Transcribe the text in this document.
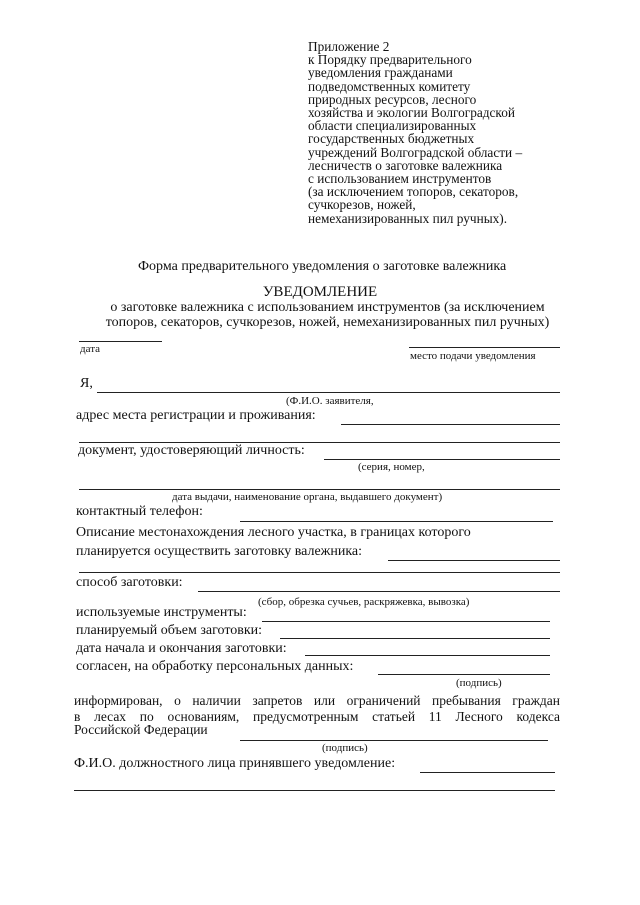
Приложение 2
к Порядку предварительного
уведомления гражданами
подведомственных комитету
природных ресурсов, лесного
хозяйства и экологии Волгоградской
области специализированных
государственных бюджетных
учреждений Волгоградской области –
лесничеств о заготовке валежника
с использованием инструментов
(за исключением топоров, секаторов,
сучкорезов, ножей,
немеханизированных пил ручных).
Форма предварительного уведомления о заготовке валежника
УВЕДОМЛЕНИЕ
о заготовке валежника с использованием инструментов (за исключением
топоров, секаторов, сучкорезов, ножей, немеханизированных пил ручных)
дата
место подачи уведомления
Я,
(Ф.И.О. заявителя,
адрес места регистрации и проживания:
документ, удостоверяющий личность:
(серия, номер,
дата выдачи, наименование органа, выдавшего документ)
контактный телефон:
Описание местонахождения лесного участка, в границах которого
планируется осуществить заготовку валежника:
способ заготовки:
(сбор, обрезка сучьев, раскряжевка, вывозка)
используемые инструменты:
планируемый объем заготовки:
дата начала и окончания заготовки:
согласен, на обработку персональных данных:
(подпись)
информирован, о наличии запретов или ограничений пребывания граждан
в лесах по основаниям, предусмотренным статьей 11 Лесного кодекса
Российской Федерации
(подпись)
Ф.И.О. должностного лица принявшего уведомление:
